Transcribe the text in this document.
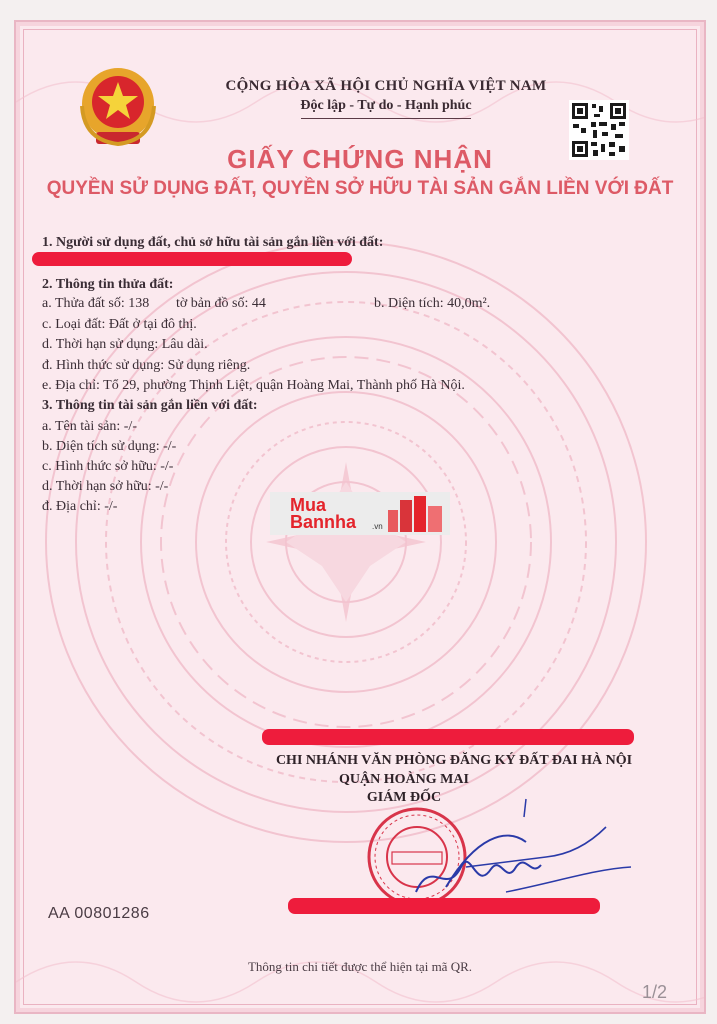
CỘNG HÒA XÃ HỘI CHỦ NGHĨA VIỆT NAM
Độc lập - Tự do - Hạnh phúc
GIẤY CHỨNG NHẬN
QUYỀN SỬ DỤNG ĐẤT, QUYỀN SỞ HỮU TÀI SẢN GẮN LIỀN VỚI ĐẤT
1. Người sử dụng đất, chủ sở hữu tài sản gắn liền với đất:
2. Thông tin thửa đất:
a. Thửa đất số: 138 tờ bản đồ số: 44	b. Diện tích: 40,0m².
c. Loại đất: Đất ở tại đô thị.
d. Thời hạn sử dụng: Lâu dài.
đ. Hình thức sử dụng: Sử dụng riêng.
e. Địa chỉ: Tổ 29, phường Thịnh Liệt, quận Hoàng Mai, Thành phố Hà Nội.
3. Thông tin tài sản gắn liền với đất:
a. Tên tài sản: -/-
b. Diện tích sử dụng: -/-
c. Hình thức sở hữu: -/-
d. Thời hạn sở hữu: -/-
đ. Địa chỉ: -/-	Mua
Bannha .vn
CHI NHÁNH VĂN PHÒNG ĐĂNG KÝ ĐẤT ĐAI HÀ NỘI
QUẬN HOÀNG MAI
GIÁM ĐỐC
AA 00801286
Thông tin chi tiết được thể hiện tại mã QR.
1/2
